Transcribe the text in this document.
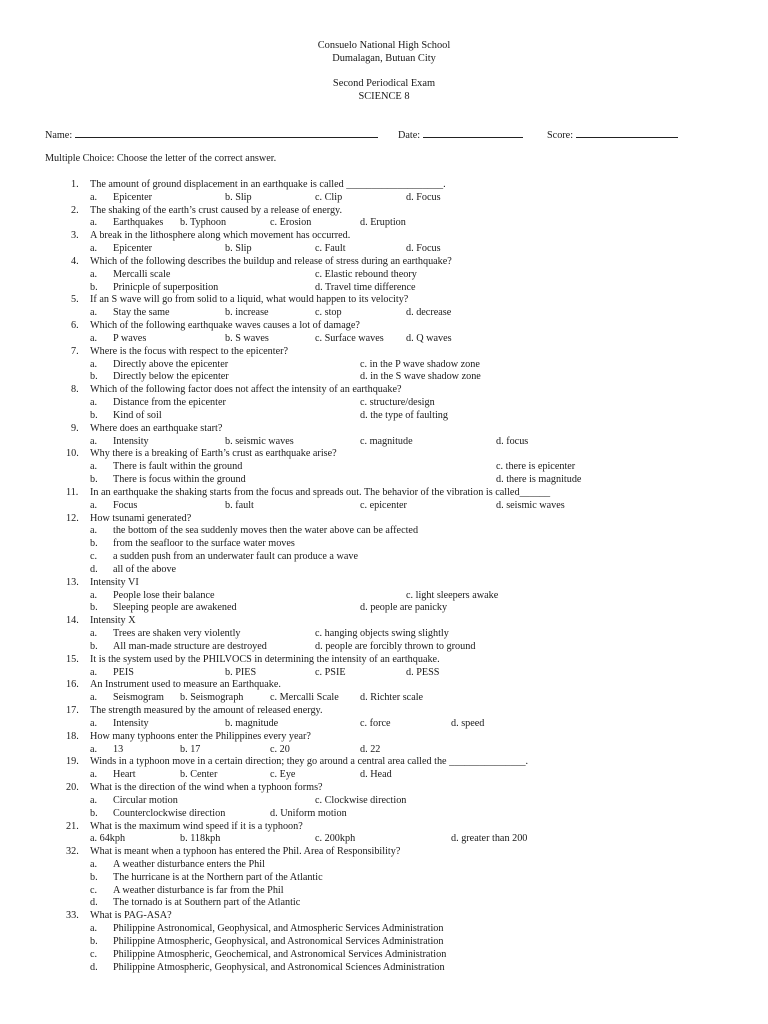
Consuelo National High School
Dumalagan, Butuan City
Second Periodical Exam
SCIENCE 8
Name:	Date:	Score:
Multiple Choice: Choose the letter of the correct answer.
1. The amount of ground displacement in an earthquake is called ___________________.
a. Epicenter	b. Slip	c. Clip	d. Focus
2. The shaking of the earth’s crust caused by a release of energy.
a. Earthquakes b. Typhoon	c. Erosion	d. Eruption
3. A break in the lithosphere along which movement has occurred.
a. Epicenter	b. Slip	c. Fault	d. Focus
4. Which of the following describes the buildup and release of stress during an earthquake?
a. Mercalli scale	c. Elastic rebound theory
b. Prinicple of superposition	d. Travel time difference
5. If an S wave will go from solid to a liquid, what would happen to its velocity?
a. Stay the same	b. increase	c. stop	d. decrease
6. Which of the following earthquake waves causes a lot of damage?
a. P waves	b. S waves	c. Surface waves d. Q waves
7. Where is the focus with respect to the epicenter?
a. Directly above the epicenter	c. in the P wave shadow zone
b. Directly below the epicenter	d. in the S wave shadow zone
8. Which of the following factor does not affect the intensity of an earthquake?
a. Distance from the epicenter	c. structure/design
b. Kind of soil	d. the type of faulting
9. Where does an earthquake start?
a. Intensity	b. seismic waves	c. magnitude	d. focus
10. Why there is a breaking of Earth’s crust as earthquake arise?
a. There is fault within the ground	c. there is epicenter
b. There is focus within the ground	d. there is magnitude
11. In an earthquake the shaking starts from the focus and spreads out. The behavior of the vibration is called______
a. Focus	b. fault	c. epicenter	d. seismic waves
12. How tsunami generated?
a. the bottom of the sea suddenly moves then the water above can be affected
b. from the seafloor to the surface water moves
c. a sudden push from an underwater fault can produce a wave
d. all of the above
13. Intensity VI
a. People lose their balance	c. light sleepers awake
b. Sleeping people are awakened	d. people are panicky
14. Intensity X
a. Trees are shaken very violently	c. hanging objects swing slightly
b. All man-made structure are destroyed	d. people are forcibly thrown to ground
15. It is the system used by the PHILVOCS in determining the intensity of an earthquake.
a. PEIS	b. PIES	c. PSIE	d. PESS
16. An Instrument used to measure an Earthquake.
a. Seismogram b. Seismograph	c. Mercalli Scale d. Richter scale
17. The strength measured by the amount of released energy.
a. Intensity	b. magnitude	c. force	d. speed
18. How many typhoons enter the Philippines every year?
a. 13	b. 17	c. 20	d. 22
19. Winds in a typhoon move in a certain direction; they go around a central area called the _______________.
a. Heart	b. Center	c. Eye	d. Head
20. What is the direction of the wind when a typhoon forms?
a. Circular motion	c. Clockwise direction
b. Counterclockwise direction	d. Uniform motion
21. What is the maximum wind speed if it is a typhoon?
a. 64kph	b. 118kph	c. 200kph	d. greater than 200
32. What is meant when a typhoon has entered the Phil. Area of Responsibility?
a. A weather disturbance enters the Phil
b. The hurricane is at the Northern part of the Atlantic
c. A weather disturbance is far from the Phil
d. The tornado is at Southern part of the Atlantic
33. What is PAG-ASA?
a. Philippine Astronomical, Geophysical, and Atmospheric Services Administration
b. Philippine Atmospheric, Geophysical, and Astronomical Services Administration
c. Philippine Atmospheric, Geochemical, and Astronomical Services Administration
d. Philippine Atmospheric, Geophysical, and Astronomical Sciences Administration
